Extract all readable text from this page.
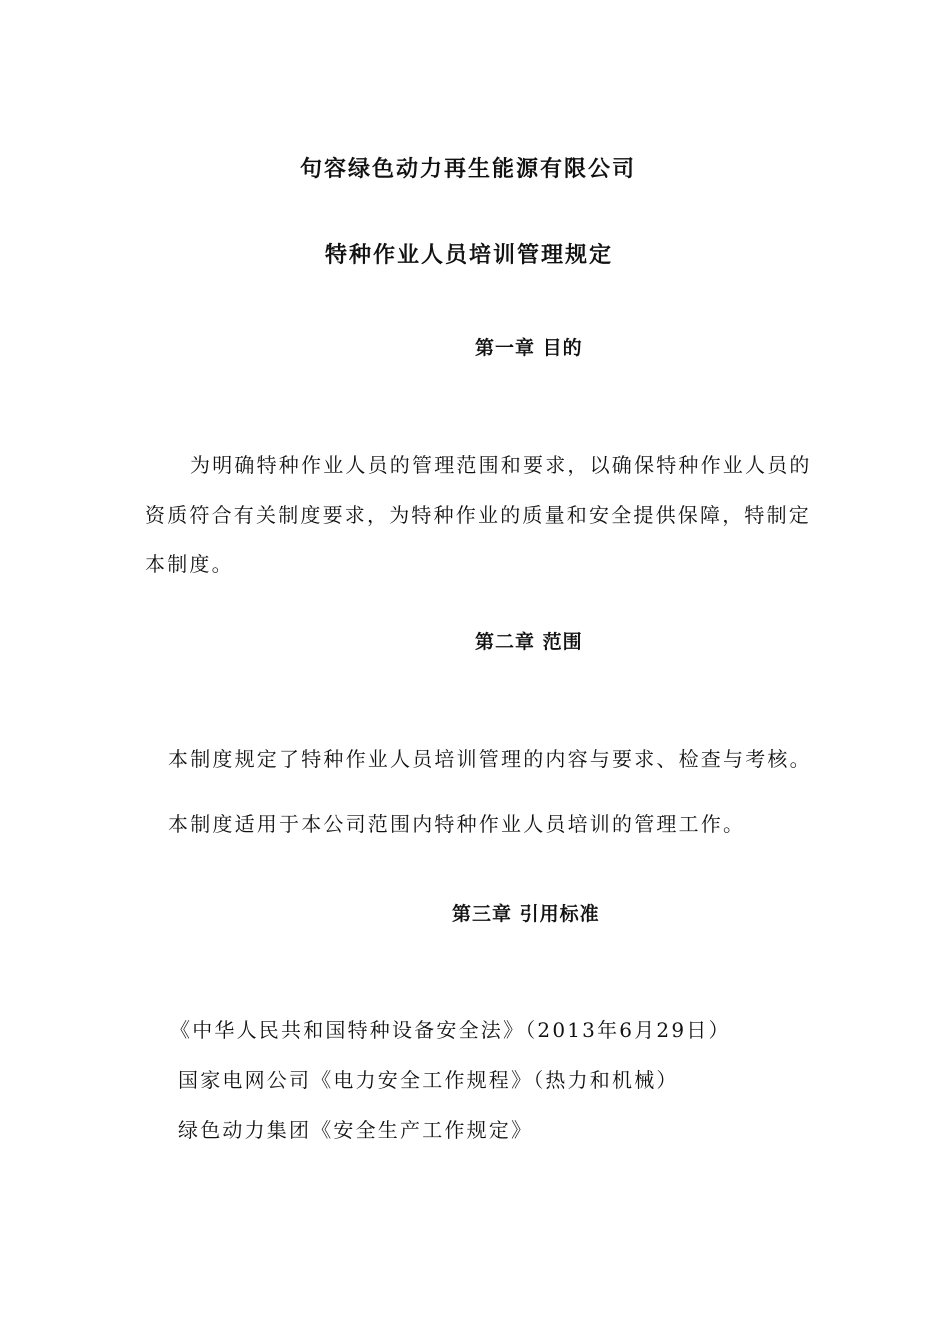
句容绿色动力再生能源有限公司
特种作业人员培训管理规定
第一章 目的
为明确特种作业人员的管理范围和要求，以确保特种作业人员的
资质符合有关制度要求，为特种作业的质量和安全提供保障，特制定
本制度。
第二章 范围
本制度规定了特种作业人员培训管理的内容与要求、检查与考核。
本制度适用于本公司范围内特种作业人员培训的管理工作。
第三章 引用标准
《中华人民共和国特种设备安全法》（2013年6月29日）
国家电网公司《电力安全工作规程》（热力和机械）
绿色动力集团《安全生产工作规定》
